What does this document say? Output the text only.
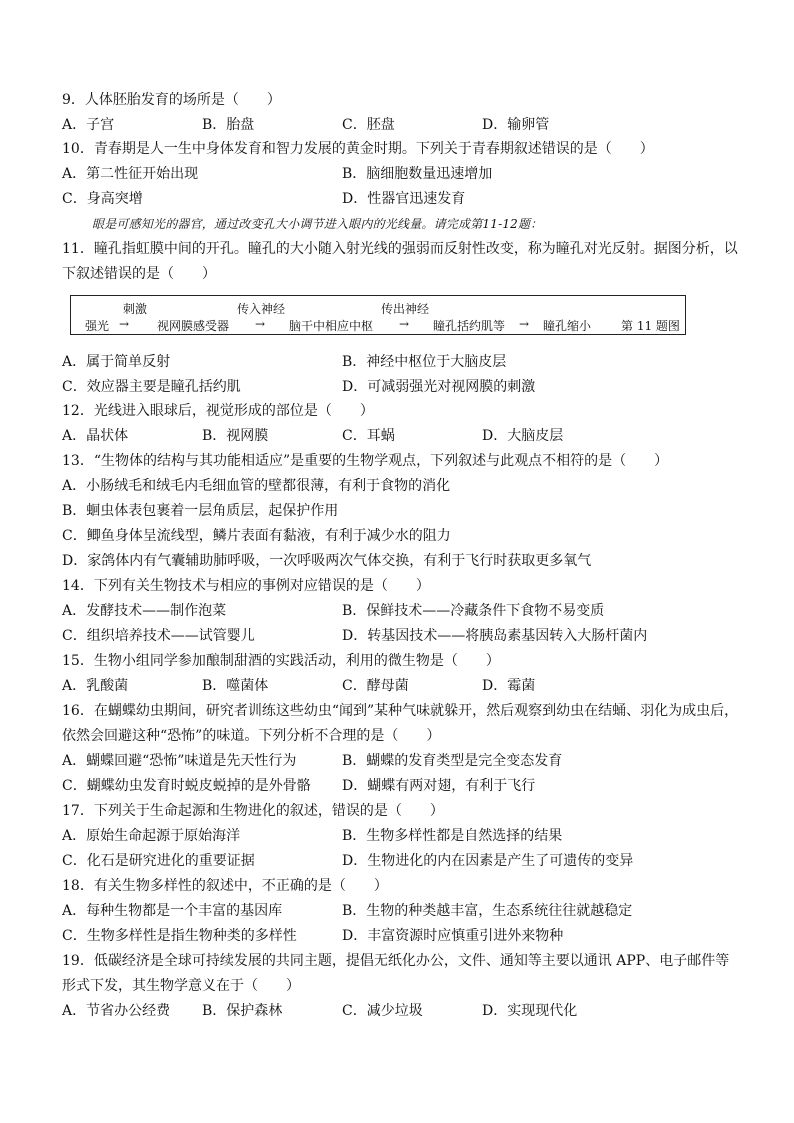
9．人体胚胎发育的场所是（　　）
A．子宫	B．胎盘	C．胚盘	D．输卵管
10．青春期是人一生中身体发育和智力发展的黄金时期。下列关于青春期叙述错误的是（　　）
A．第二性征开始出现	B．脑细胞数量迅速增加
C．身高突增	D．性器官迅速发育
眼是可感知光的器官，通过改变孔大小调节进入眼内的光线量。请完成第11-12题：
11．瞳孔指虹膜中间的开孔。瞳孔的大小随入射光线的强弱而反射性改变，称为瞳孔对光反射。据图分析，以
下叙述错误的是（　　）
刺激	传入神经	传出神经
强光 → 视网膜感受器 → 脑干中相应中枢 → 瞳孔括约肌等 → 瞳孔缩小 第 11 题图
A．属于简单反射	B．神经中枢位于大脑皮层
C．效应器主要是瞳孔括约肌	D．可减弱强光对视网膜的刺激
12．光线进入眼球后，视觉形成的部位是（　　）
A．晶状体	B．视网膜	C．耳蜗	D．大脑皮层
13．“生物体的结构与其功能相适应”是重要的生物学观点，下列叙述与此观点不相符的是（　　）
A．小肠绒毛和绒毛内毛细血管的壁都很薄，有利于食物的消化
B．蛔虫体表包裹着一层角质层，起保护作用
C．鲫鱼身体呈流线型，鳞片表面有黏液，有利于减少水的阻力
D．家鸽体内有气囊辅助肺呼吸，一次呼吸两次气体交换，有利于飞行时获取更多氧气
14．下列有关生物技术与相应的事例对应错误的是（　　）
A．发酵技术——制作泡菜	B．保鲜技术——冷藏条件下食物不易变质
C．组织培养技术——试管婴儿	D．转基因技术——将胰岛素基因转入大肠杆菌内
15．生物小组同学参加酿制甜酒的实践活动，利用的微生物是（　　）
A．乳酸菌	B．噬菌体	C．酵母菌	D．霉菌
16．在蝴蝶幼虫期间，研究者训练这些幼虫“闻到”某种气味就躲开，然后观察到幼虫在结蛹、羽化为成虫后，
依然会回避这种“恐怖”的味道。下列分析不合理的是（　　）
A．蝴蝶回避“恐怖”味道是先天性行为	B．蝴蝶的发育类型是完全变态发育
C．蝴蝶幼虫发育时蜕皮蜕掉的是外骨骼 D．蝴蝶有两对翅，有利于飞行
17．下列关于生命起源和生物进化的叙述，错误的是（　　）
A．原始生命起源于原始海洋	B．生物多样性都是自然选择的结果
C．化石是研究进化的重要证据	D．生物进化的内在因素是产生了可遗传的变异
18．有关生物多样性的叙述中，不正确的是（　　）
A．每种生物都是一个丰富的基因库	B．生物的种类越丰富，生态系统往往就越稳定
C．生物多样性是指生物种类的多样性	D．丰富资源时应慎重引进外来物种
19．低碳经济是全球可持续发展的共同主题，提倡无纸化办公，文件、通知等主要以通讯 APP、电子邮件等
形式下发，其生物学意义在于（　　）
A．节省办公经费 B．保护森林	C．减少垃圾	D．实现现代化
